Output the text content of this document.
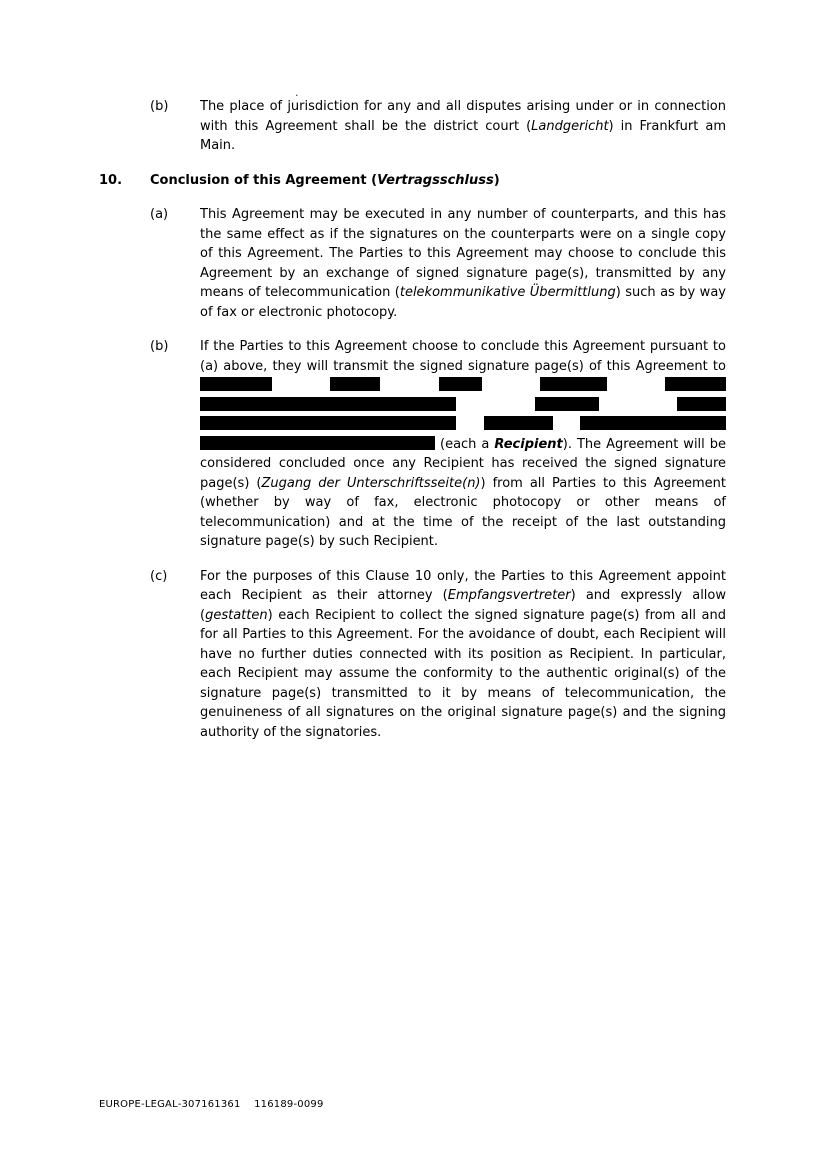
.
(b)	The place of jurisdiction for any and all disputes arising under or in connection with this Agreement shall be the district court (Landgericht) in Frankfurt am Main.
10.	Conclusion of this Agreement (Vertragsschluss)
(a)	This Agreement may be executed in any number of counterparts, and this has the same effect as if the signatures on the counterparts were on a single copy of this Agreement. The Parties to this Agreement may choose to conclude this Agreement by an exchange of signed signature page(s), transmitted by any means of telecommunication (telekommunikative Übermittlung) such as by way of fax or electronic photocopy.
(b)	If the Parties to this Agreement choose to conclude this Agreement pursuant to (a) above, they will transmit the signed signature page(s) of this Agreement to             (each a Recipient). The Agreement will be considered concluded once any Recipient has received the signed signature page(s) (Zugang der Unterschriftsseite(n)) from all Parties to this Agreement (whether by way of fax, electronic photocopy or other means of telecommunication) and at the time of the receipt of the last outstanding signature page(s) by such Recipient.
(c)	For the purposes of this Clause 10 only, the Parties to this Agreement appoint each Recipient as their attorney (Empfangsvertreter) and expressly allow (gestatten) each Recipient to collect the signed signature page(s) from all and for all Parties to this Agreement. For the avoidance of doubt, each Recipient will have no further duties connected with its position as Recipient. In particular, each Recipient may assume the conformity to the authentic original(s) of the signature page(s) transmitted to it by means of telecommunication, the genuineness of all signatures on the original signature page(s) and the signing authority of the signatories.
EUROPE-LEGAL-307161361    116189-0099
